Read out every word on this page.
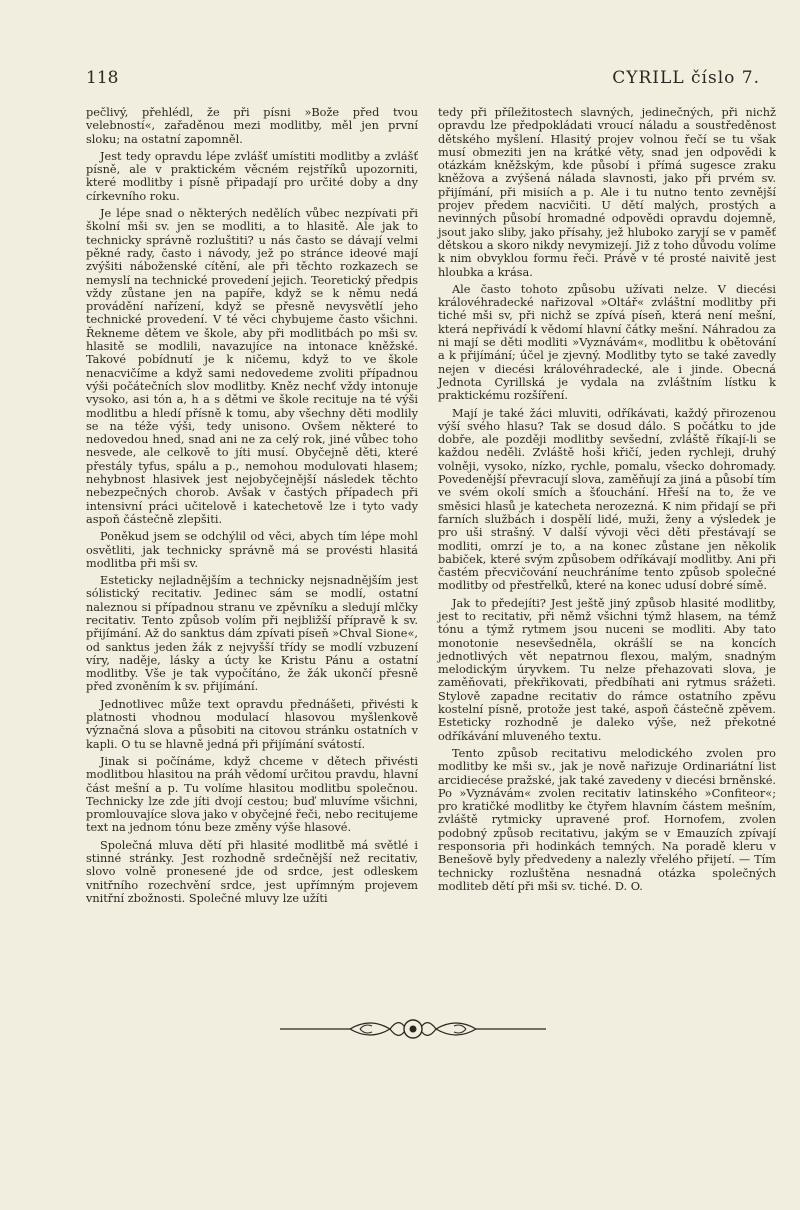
118	CYRILL číslo 7.

pečlivý, přehlédl, že při písni »Bože před tvou velebností«, zařaděnou mezi modlitby, měl jen první sloku; na ostatní zapomněl.

Jest tedy opravdu lépe zvlášť umístiti modlitby a zvlášť písně, ale v praktickém věcném rejstříků upozorniti, které modlitby i písně připadají pro určité doby a dny církevního roku.

Je lépe snad o některých nedělích vůbec nezpívati při školní mši sv. jen se modliti, a to hlasitě. Ale jak to technicky správně rozluštiti? u nás často se dávají velmi pěkné rady, často i návody, jež po stránce ideové mají zvýšiti náboženské cítění, ale při těchto rozkazech se nemyslí na technické provedení jejich. Teoretický předpis vždy zůstane jen na papíře, když se k němu nedá provádění nařízení, když se přesně nevysvětlí jeho technické provedení. V té věci chybujeme často všichni. Řekneme dětem ve škole, aby při modlitbách po mši sv. hlasitě se modlili, navazujíce na intonace kněžské. Takové pobídnutí je k ničemu, když to ve škole nenacvičíme a když sami nedovedeme zvoliti případnou výši počátečních slov modlitby. Kněz nechť vždy intonuje vysoko, asi tón a, h a s dětmi ve škole recituje na té výši modlitbu a hledí přísně k tomu, aby všechny děti modlily se na téže výši, tedy unisono. Ovšem některé to nedovedou hned, snad ani ne za celý rok, jiné vůbec toho nesvede, ale celkově to jíti musí. Obyčejně děti, které přestály tyfus, spálu a p., nemohou modulovati hlasem; nehybnost hlasivek jest nejobyčejnější následek těchto nebezpečných chorob. Avšak v častých případech při intensivní práci učitelově i katechetově lze i tyto vady aspoň částečně zlepšiti.

Poněkud jsem se odchýlil od věci, abych tím lépe mohl osvětliti, jak technicky správně má se provésti hlasitá modlitba při mši sv.

Esteticky nejladnějším a technicky nejsnadnějším jest sólistický recitativ. Jedinec sám se modlí, ostatní naleznou si případnou stranu ve zpěvníku a sledují mlčky recitativ. Tento způsob volím při nejbližší přípravě k sv. přijímání. Až do sanktus dám zpívati píseň »Chval Sione«, od sanktus jeden žák z nejvyšší třídy se modlí vzbuzení víry, naděje, lásky a úcty ke Kristu Pánu a ostatní modlitby. Vše je tak vypočítáno, že žák ukončí přesně před zvoněním k sv. přijímání.

Jednotlivec může text opravdu přednášeti, přivésti k platnosti vhodnou modulací hlasovou myšlenkově význačná slova a působiti na citovou stránku ostatních v kapli. O tu se hlavně jedná při přijímání svátostí.

Jinak si počínáme, když chceme v dětech přivésti modlitbou hlasitou na práh vědomí určitou pravdu, hlavní část mešní a p. Tu volíme hlasitou modlitbu společnou. Technicky lze zde jíti dvojí cestou; buď mluvíme všichni, promlouvajíce slova jako v obyčejné řeči, nebo recitujeme text na jednom tónu beze změny výše hlasové.

Společná mluva dětí při hlasité modlitbě má světlé i stinné stránky. Jest rozhodně srdečnější než recitativ, slovo volně pronesené jde od srdce, jest odleskem vnitřního rozechvění srdce, jest upřímným projevem vnitřní zbožnosti. Společné mluvy lze užíti

tedy při příležitostech slavných, jedinečných, při nichž opravdu lze předpokládati vroucí náladu a soustředěnost dětského myšlení. Hlasitý projev volnou řečí se tu však musí obmeziti jen na krátké věty, snad jen odpovědi k otázkám kněžským, kde působí i přímá sugesce zraku kněžova a zvýšená nálada slavnosti, jako při prvém sv. přijímání, při misiích a p. Ale i tu nutno tento zevnější projev předem nacvičiti. U dětí malých, prostých a nevinných působí hromadné odpovědi opravdu dojemně, jsout jako sliby, jako přísahy, jež hluboko zaryjí se v paměť dětskou a skoro nikdy nevymizejí. Již z toho důvodu volíme k nim obvyklou formu řeči. Právě v té prosté naivitě jest hloubka a krása.

Ale často tohoto způsobu užívati nelze. V diecési královéhradecké nařizoval »Oltář« zvláštní modlitby při tiché mši sv, při nichž se zpívá píseň, která není mešní, která nepřivádí k vědomí hlavní čátky mešní. Náhradou za ni mají se děti modliti »Vyznávám«, modlitbu k obětování a k přijímání; účel je zjevný. Modlitby tyto se také zavedly nejen v diecési královéhradecké, ale i jinde. Obecná Jednota Cyrillská je vydala na zvláštním lístku k praktickému rozšíření.

Mají je také žáci mluviti, odříkávati, každý přirozenou výší svého hlasu? Tak se dosud dálo. S počátku to jde dobře, ale později modlitby sevšední, zvláště říkají-li se každou neděli. Zvláště hoši křičí, jeden rychleji, druhý volněji, vysoko, nízko, rychle, pomalu, všecko dohromady. Povedenější převracují slova, zaměňují za jiná a působí tím ve svém okolí smích a šťouchání. Hřeší na to, že ve směsici hlasů je katecheta nerozezná. K nim přidají se při farních službách i dospělí lidé, muži, ženy a výsledek je pro uši strašný. V další vývoji věci děti přestávají se modliti, omrzí je to, a na konec zůstane jen několik babiček, které svým způsobem odříkávají modlitby. Ani při častém přecvičování neuchráníme tento způsob společné modlitby od přestřelků, které na konec udusí dobré símě.

Jak to předejíti? Jest ještě jiný způsob hlasité modlitby, jest to recitativ, při němž všichni týmž hlasem, na témž tónu a týmž rytmem jsou nuceni se modliti. Aby tato monotonie nesevšedněla, okrášlí se na koncích jednotlivých vět nepatrnou flexou, malým, snadným melodickým úryvkem. Tu nelze přehazovati slova, je zaměňovati, překřikovati, předbíhati ani rytmus srážeti. Stylově zapadne recitativ do rámce ostatního zpěvu kostelní písně, protože jest také, aspoň částečně zpěvem. Esteticky rozhodně je daleko výše, než překotné odříkávání mluveného textu.

Tento způsob recitativu melodického zvolen pro modlitby ke mši sv., jak je nově nařizuje Ordinariátní list arcidiecése pražské, jak také zavedeny v diecési brněnské. Po »Vyznávám« zvolen recitativ latinského »Confiteor«; pro kratičké modlitby ke čtyřem hlavním částem mešním, zvláště rytmicky upravené prof. Hornofem, zvolen podobný způsob recitativu, jakým se v Emauzích zpívají responsoria při hodinkách temných. Na poradě kleru v Benešově byly předvedeny a nalezly vřelého přijetí. — Tím technicky rozluštěna nesnadná otázka společných modliteb dětí při mši sv. tiché. D. O.
